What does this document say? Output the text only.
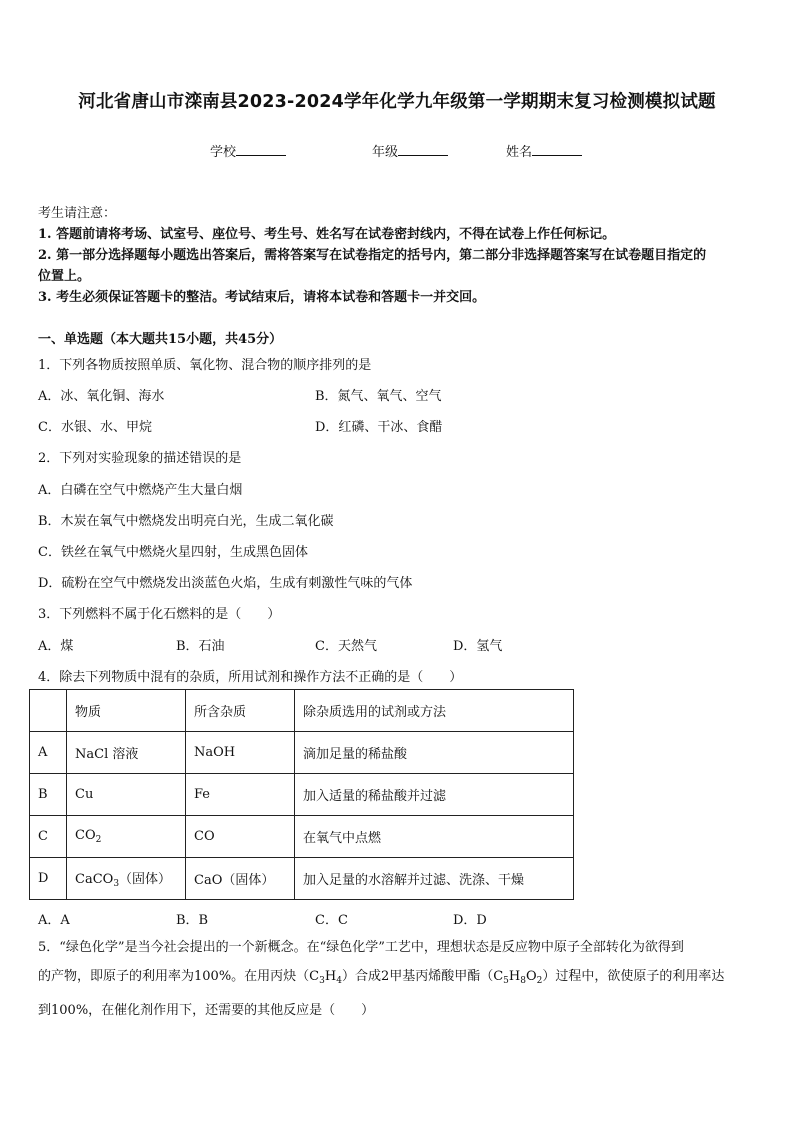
河北省唐山市滦南县2023-2024学年化学九年级第一学期期末复习检测模拟试题
学校	年级	姓名
考生请注意：
1. 答题前请将考场、试室号、座位号、考生号、姓名写在试卷密封线内，不得在试卷上作任何标记。
2. 第一部分选择题每小题选出答案后，需将答案写在试卷指定的括号内，第二部分非选择题答案写在试卷题目指定的
位置上。
3. 考生必须保证答题卡的整洁。考试结束后，请将本试卷和答题卡一并交回。
一、单选题（本大题共15小题，共45分）
1．下列各物质按照单质、氧化物、混合物的顺序排列的是
A．冰、氧化铜、海水	B．氮气、氧气、空气
C．水银、水、甲烷	D．红磷、干冰、食醋
2．下列对实验现象的描述错误的是
A．白磷在空气中燃烧产生大量白烟
B．木炭在氧气中燃烧发出明亮白光，生成二氧化碳
C．铁丝在氧气中燃烧火星四射，生成黑色固体
D．硫粉在空气中燃烧发出淡蓝色火焰，生成有刺激性气味的气体
3．下列燃料不属于化石燃料的是（　　）
A．煤	B．石油	C．天然气	D．氢气
4．除去下列物质中混有的杂质，所用试剂和操作方法不正确的是（　　）
	物质	所含杂质	除杂质选用的试剂或方法
A	NaCl 溶液	NaOH	滴加足量的稀盐酸
B	Cu	Fe	加入适量的稀盐酸并过滤
C	$CO_2$	CO	在氧气中点燃
D	CaCO$_3$（固体）	CaO（固体）	加入足量的水溶解并过滤、洗涤、干燥
A．A	B．B	C．C	D．D
5．“绿色化学”是当今社会提出的一个新概念。在“绿色化学”工艺中，理想状态是反应物中原子全部转化为欲得到
的产物，即原子的利用率为100%。在用丙炔$(C_3H_4)$合成2甲基丙烯酸甲酯$(C_5H_8O_2)$过程中，欲使原子的利用率达
到100%，在催化剂作用下，还需要的其他反应是（　　）
